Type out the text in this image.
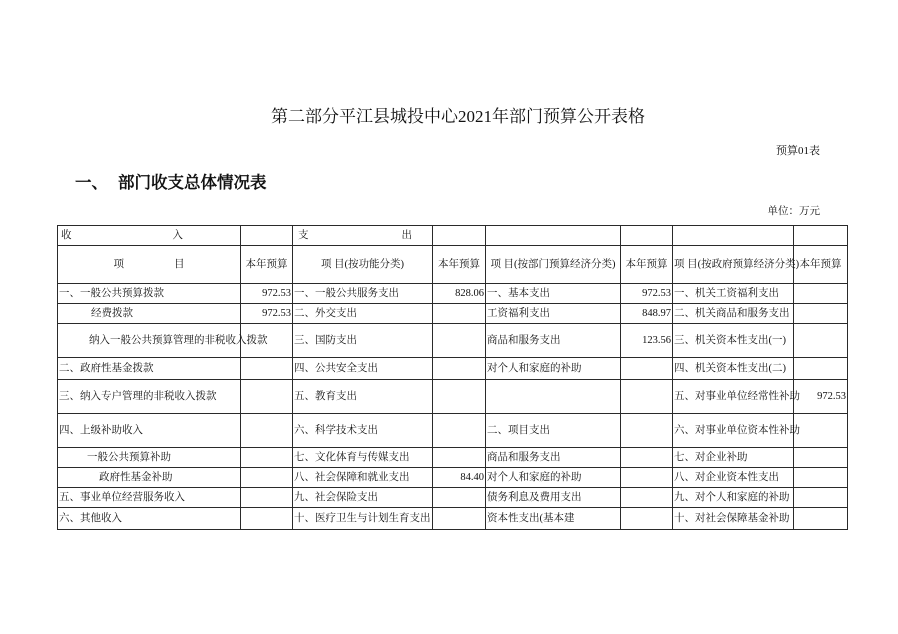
第二部分平江县城投中心2021年部门预算公开表格
预算01表
一、 部门收支总体情况表
单位：万元
收 入		支 出					

项 目	本年预算	项 目(按功能分类)	本年预算	项 目(按部门预算经济分类)	本年预算	项 目(按政府预算经济分类)	本年预算
一、一般公共预算拨款	972.53	一、一般公共服务支出	828.06	一、基本支出	972.53	一、机关工资福利支出	
经费拨款	972.53	二、外交支出		工资福利支出	848.97	二、机关商品和服务支出	
纳入一般公共预算管理的非税收入拨款		三、国防支出		商品和服务支出	123.56	三、机关资本性支出(一)	
二、政府性基金拨款		四、公共安全支出		对个人和家庭的补助		四、机关资本性支出(二)	
三、纳入专户管理的非税收入拨款		五、教育支出				五、对事业单位经常性补助	972.53
四、上级补助收入		六、科学技术支出		二、项目支出		六、对事业单位资本性补助	
一般公共预算补助		七、文化体育与传媒支出		商品和服务支出		七、对企业补助	
政府性基金补助		八、社会保障和就业支出	84.40	对个人和家庭的补助		八、对企业资本性支出	
五、事业单位经营服务收入		九、社会保险支出		债务利息及费用支出		九、对个人和家庭的补助	
六、其他收入		十、医疗卫生与计划生育支出		资本性支出(基本建		十、对社会保障基金补助	
